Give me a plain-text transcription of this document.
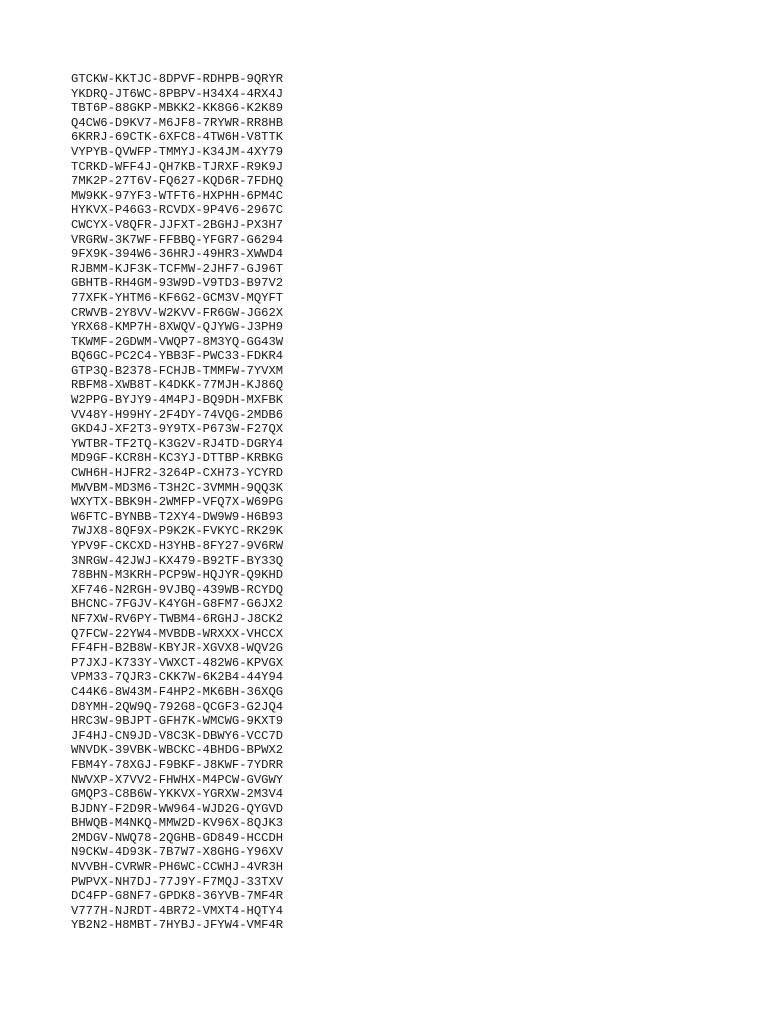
GTCKW-KKTJC-8DPVF-RDHPB-9QRYR
YKDRQ-JT6WC-8PBPV-H34X4-4RX4J
TBT6P-88GKP-MBKK2-KK8G6-K2K89
Q4CW6-D9KV7-M6JF8-7RYWR-RR8HB
6KRRJ-69CTK-6XFC8-4TW6H-V8TTK
VYPYB-QVWFP-TMMYJ-K34JM-4XY79
TCRKD-WFF4J-QH7KB-TJRXF-R9K9J
7MK2P-27T6V-FQ627-KQD6R-7FDHQ
MW9KK-97YF3-WTFT6-HXPHH-6PM4C
HYKVX-P46G3-RCVDX-9P4V6-2967C
CWCYX-V8QFR-JJFXT-2BGHJ-PX3H7
VRGRW-3K7WF-FFBBQ-YFGR7-G6294
9FX9K-394W6-36HRJ-49HR3-XWWD4
RJBMM-KJF3K-TCFMW-2JHF7-GJ96T
GBHTB-RH4GM-93W9D-V9TD3-B97V2
77XFK-YHTM6-KF6G2-GCM3V-MQYFT
CRWVB-2Y8VV-W2KVV-FR6GW-JG62X
YRX68-KMP7H-8XWQV-QJYWG-J3PH9
TKWMF-2GDWM-VWQP7-8M3YQ-GG43W
BQ6GC-PC2C4-YBB3F-PWC33-FDKR4
GTP3Q-B2378-FCHJB-TMMFW-7YVXM
RBFM8-XWB8T-K4DKK-77MJH-KJ86Q
W2PPG-BYJY9-4M4PJ-BQ9DH-MXFBK
VV48Y-H99HY-2F4DY-74VQG-2MDB6
GKD4J-XF2T3-9Y9TX-P673W-F27QX
YWTBR-TF2TQ-K3G2V-RJ4TD-DGRY4
MD9GF-KCR8H-KC3YJ-DTTBP-KRBKG
CWH6H-HJFR2-3264P-CXH73-YCYRD
MWVBM-MD3M6-T3H2C-3VMMH-9QQ3K
WXYTX-BBK9H-2WMFP-VFQ7X-W69PG
W6FTC-BYNBB-T2XY4-DW9W9-H6B93
7WJX8-8QF9X-P9K2K-FVKYC-RK29K
YPV9F-CKCXD-H3YHB-8FY27-9V6RW
3NRGW-42JWJ-KX479-B92TF-BY33Q
78BHN-M3KRH-PCP9W-HQJYR-Q9KHD
XF746-N2RGH-9VJBQ-439WB-RCYDQ
BHCNC-7FGJV-K4YGH-G8FM7-G6JX2
NF7XW-RV6PY-TWBM4-6RGHJ-J8CK2
Q7FCW-22YW4-MVBDB-WRXXX-VHCCX
FF4FH-B2B8W-KBYJR-XGVX8-WQV2G
P7JXJ-K733Y-VWXCT-482W6-KPVGX
VPM33-7QJR3-CKK7W-6K2B4-44Y94
C44K6-8W43M-F4HP2-MK6BH-36XQG
D8YMH-2QW9Q-792G8-QCGF3-G2JQ4
HRC3W-9BJPT-GFH7K-WMCWG-9KXT9
JF4HJ-CN9JD-V8C3K-DBWY6-VCC7D
WNVDK-39VBK-WBCKC-4BHDG-BPWX2
FBM4Y-78XGJ-F9BKF-J8KWF-7YDRR
NWVXP-X7VV2-FHWHX-M4PCW-GVGWY
GMQP3-C8B6W-YKKVX-YGRXW-2M3V4
BJDNY-F2D9R-WW964-WJD2G-QYGVD
BHWQB-M4NKQ-MMW2D-KV96X-8QJK3
2MDGV-NWQ78-2QGHB-GD849-HCCDH
N9CKW-4D93K-7B7W7-X8GHG-Y96XV
NVVBH-CVRWR-PH6WC-CCWHJ-4VR3H
PWPVX-NH7DJ-77J9Y-F7MQJ-33TXV
DC4FP-G8NF7-GPDK8-36YVB-7MF4R
V777H-NJRDT-4BR72-VMXT4-HQTY4
YB2N2-H8MBT-7HYBJ-JFYW4-VMF4R
